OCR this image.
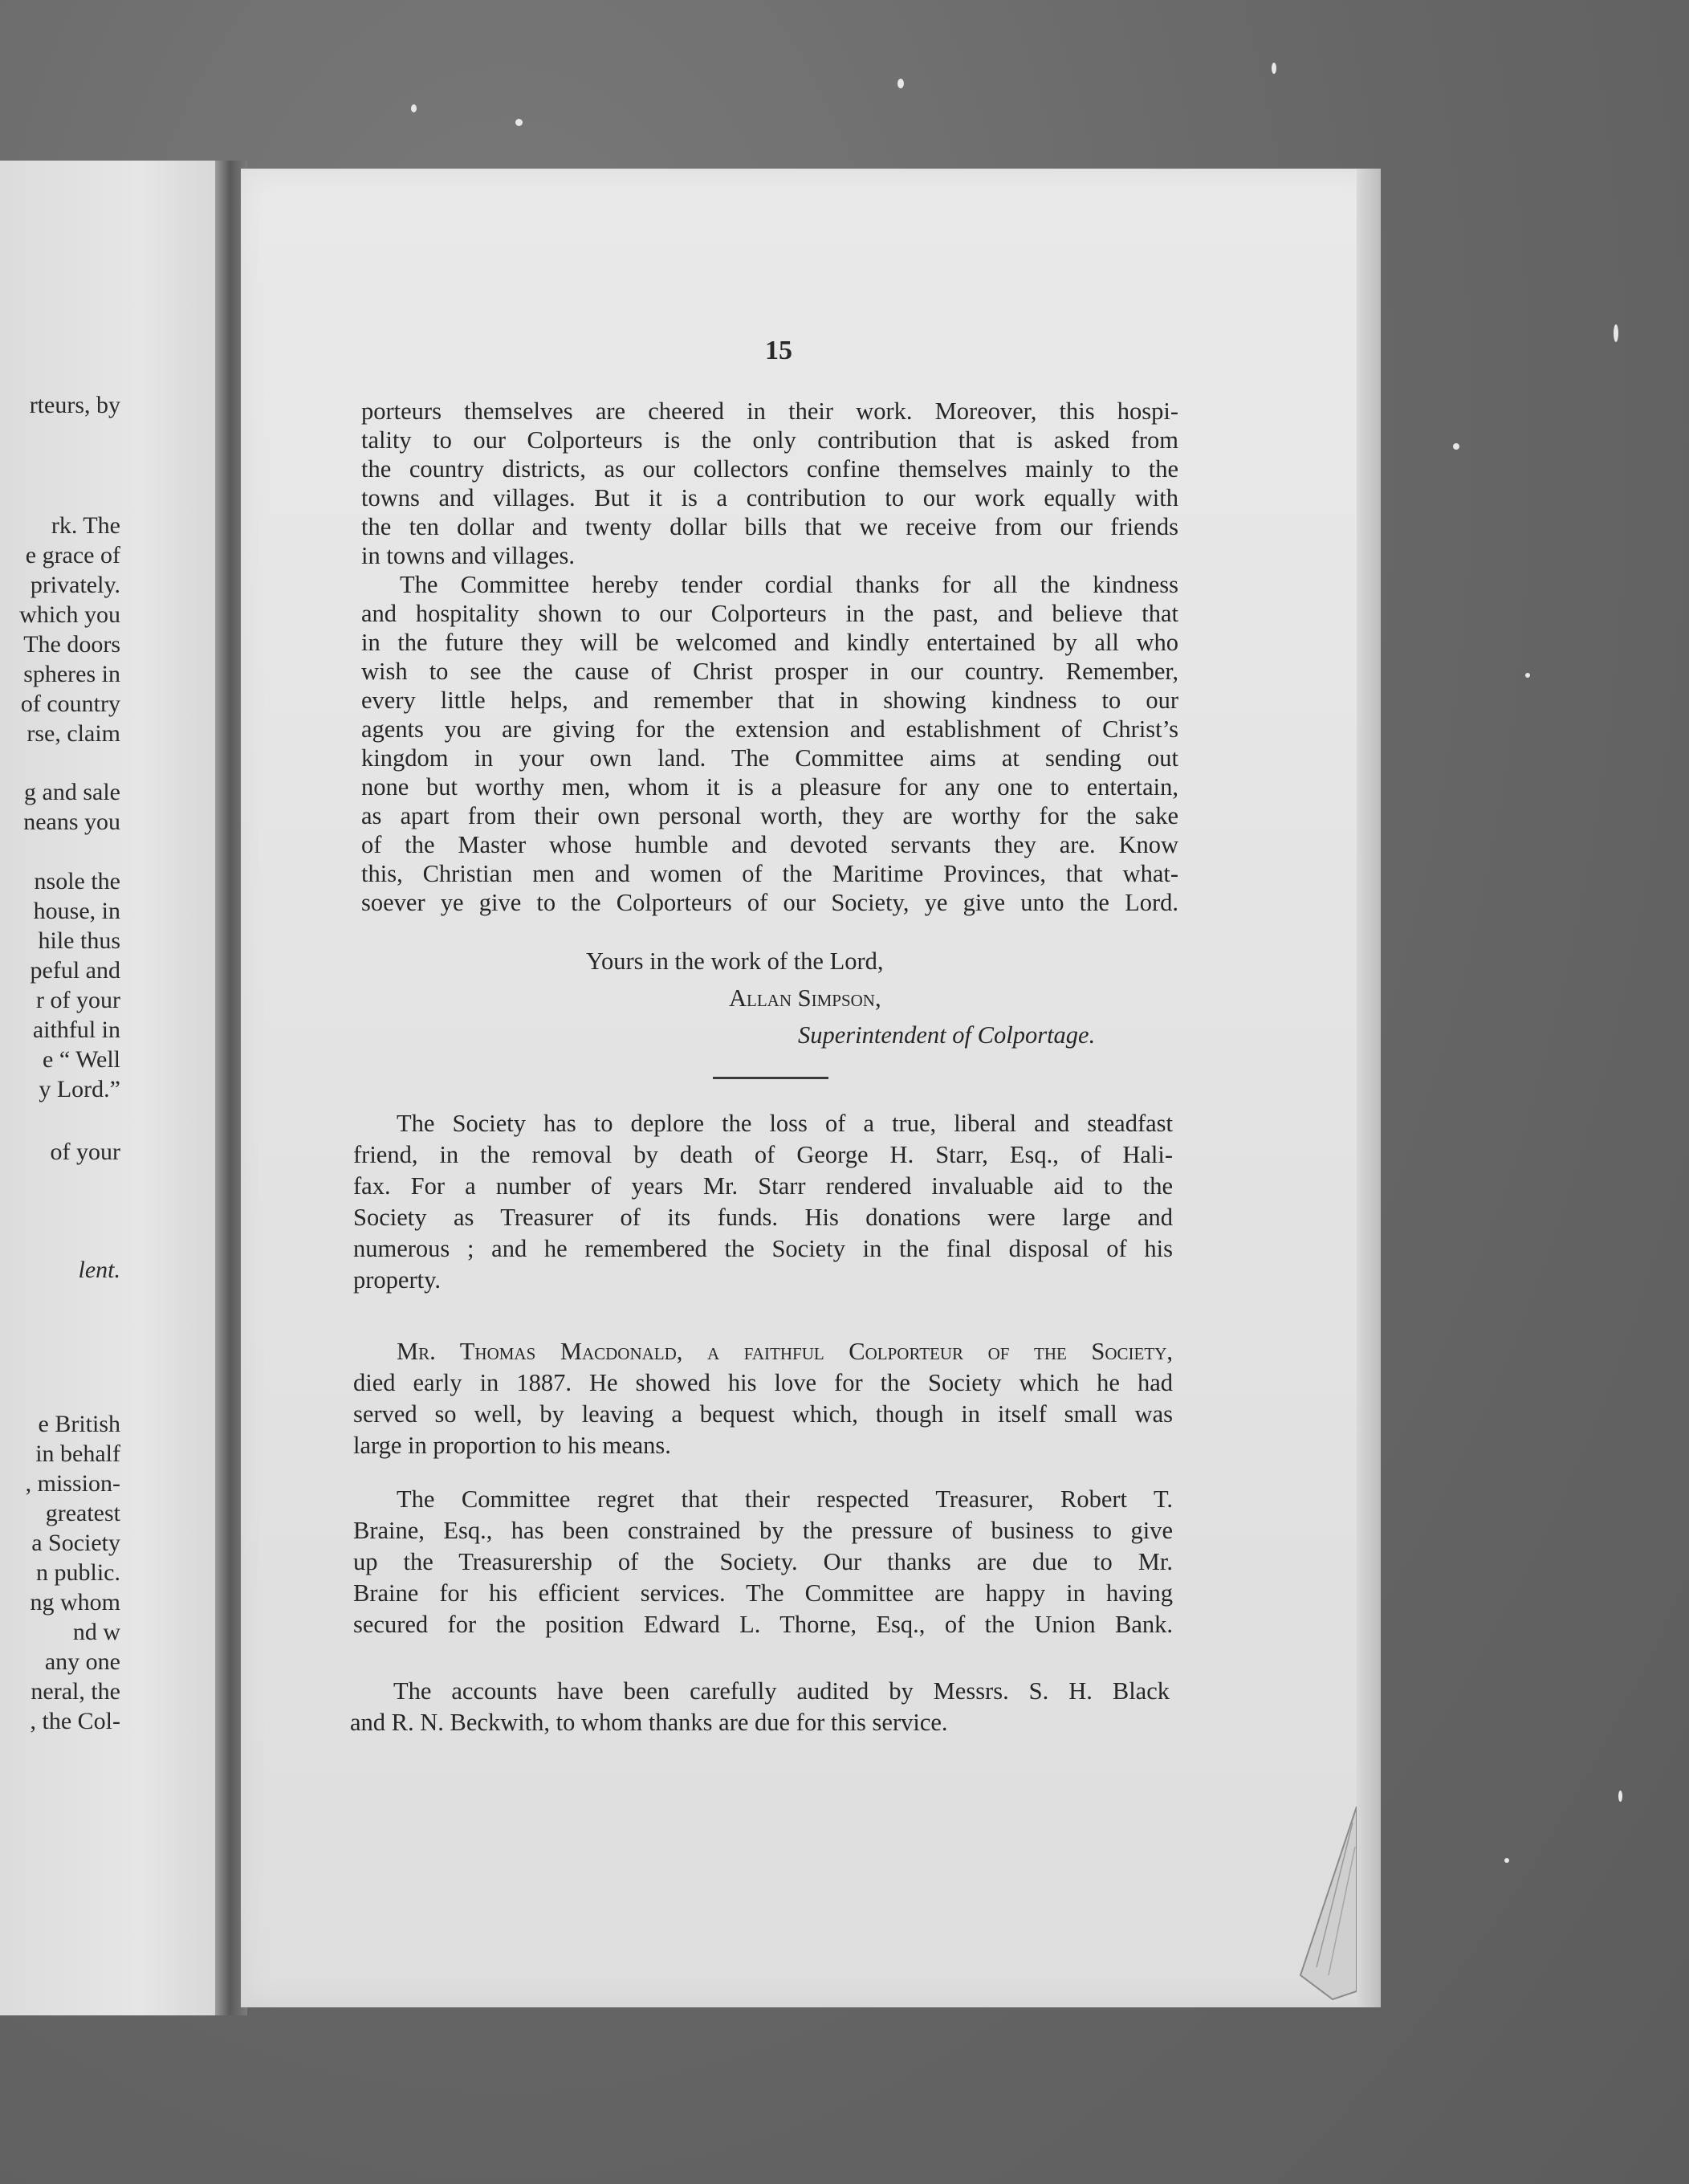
rteurs, by
rk. The
e grace of
privately.
which you
The doors
spheres in
of country
rse, claim
g and sale
neans you
nsole the
house, in
hile thus
peful and
r of your
aithful in
e “ Well
y Lord.”
of your
lent.
e British
in behalf
, mission-
greatest
a Society
n public.
ng whom
nd w
any one
neral, the
, the Col-
15
porteurs themselves are cheered in their work. Moreover, this hospi-
tality to our Colporteurs is the only contribution that is asked from
the country districts, as our collectors confine themselves mainly to the
towns and villages. But it is a contribution to our work equally with
the ten dollar and twenty dollar bills that we receive from our friends
in towns and villages.
The Committee hereby tender cordial thanks for all the kindness
and hospitality shown to our Colporteurs in the past, and believe that
in the future they will be welcomed and kindly entertained by all who
wish to see the cause of Christ prosper in our country. Remember,
every little helps, and remember that in showing kindness to our
agents you are giving for the extension and establishment of Christ’s
kingdom in your own land. The Committee aims at sending out
none but worthy men, whom it is a pleasure for any one to entertain,
as apart from their own personal worth, they are worthy for the sake
of the Master whose humble and devoted servants they are. Know
this, Christian men and women of the Maritime Provinces, that what-
soever ye give to the Colporteurs of our Society, ye give unto the Lord.
Yours in the work of the Lord,
Allan Simpson,
Superintendent of Colportage.
The Society has to deplore the loss of a true, liberal and steadfast
friend, in the removal by death of George H. Starr, Esq., of Hali-
fax. For a number of years Mr. Starr rendered invaluable aid to the
Society as Treasurer of its funds. His donations were large and
numerous ; and he remembered the Society in the final disposal of his
property.
Mr. Thomas Macdonald, a faithful Colporteur of the Society,
died early in 1887. He showed his love for the Society which he had
served so well, by leaving a bequest which, though in itself small was
large in proportion to his means.
The Committee regret that their respected Treasurer, Robert T.
Braine, Esq., has been constrained by the pressure of business to give
up the Treasurership of the Society. Our thanks are due to Mr.
Braine for his efficient services. The Committee are happy in having
secured for the position Edward L. Thorne, Esq., of the Union Bank.
The accounts have been carefully audited by Messrs. S. H. Black
and R. N. Beckwith, to whom thanks are due for this service.
